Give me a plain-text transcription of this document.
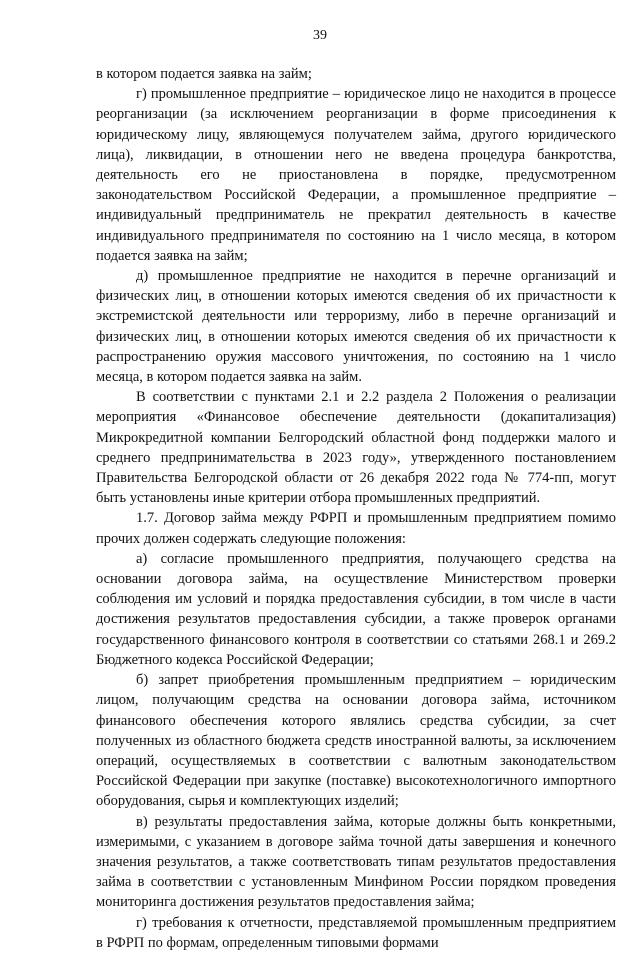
39

в котором подается заявка на займ;

г) промышленное предприятие – юридическое лицо не находится в процессе реорганизации (за исключением реорганизации в форме присоединения к юридическому лицу, являющемуся получателем займа, другого юридического лица), ликвидации, в отношении него не введена процедура банкротства, деятельность его не приостановлена в порядке, предусмотренном законодательством Российской Федерации, а промышленное предприятие – индивидуальный предприниматель не прекратил деятельность в качестве индивидуального предпринимателя по состоянию на 1 число месяца, в котором подается заявка на займ;

д) промышленное предприятие не находится в перечне организаций и физических лиц, в отношении которых имеются сведения об их причастности к экстремистской деятельности или терроризму, либо в перечне организаций и физических лиц, в отношении которых имеются сведения об их причастности к распространению оружия массового уничтожения, по состоянию на 1 число месяца, в котором подается заявка на займ.

В соответствии с пунктами 2.1 и 2.2 раздела 2 Положения о реализации мероприятия «Финансовое обеспечение деятельности (докапитализация) Микрокредитной компании Белгородский областной фонд поддержки малого и среднего предпринимательства в 2023 году», утвержденного постановлением Правительства Белгородской области от 26 декабря 2022 года № 774-пп, могут быть установлены иные критерии отбора промышленных предприятий.

1.7. Договор займа между РФРП и промышленным предприятием помимо прочих должен содержать следующие положения:

а) согласие промышленного предприятия, получающего средства на основании договора займа, на осуществление Министерством проверки соблюдения им условий и порядка предоставления субсидии, в том числе в части достижения результатов предоставления субсидии, а также проверок органами государственного финансового контроля в соответствии со статьями 268.1 и 269.2 Бюджетного кодекса Российской Федерации;

б) запрет приобретения промышленным предприятием – юридическим лицом, получающим средства на основании договора займа, источником финансового обеспечения которого являлись средства субсидии, за счет полученных из областного бюджета средств иностранной валюты, за исключением операций, осуществляемых в соответствии с валютным законодательством Российской Федерации при закупке (поставке) высокотехнологичного импортного оборудования, сырья и комплектующих изделий;

в) результаты предоставления займа, которые должны быть конкретными, измеримыми, с указанием в договоре займа точной даты завершения и конечного значения результатов, а также соответствовать типам результатов предоставления займа в соответствии с установленным Минфином России порядком проведения мониторинга достижения результатов предоставления займа;

г) требования к отчетности, представляемой промышленным предприятием в РФРП по формам, определенным типовыми формами
